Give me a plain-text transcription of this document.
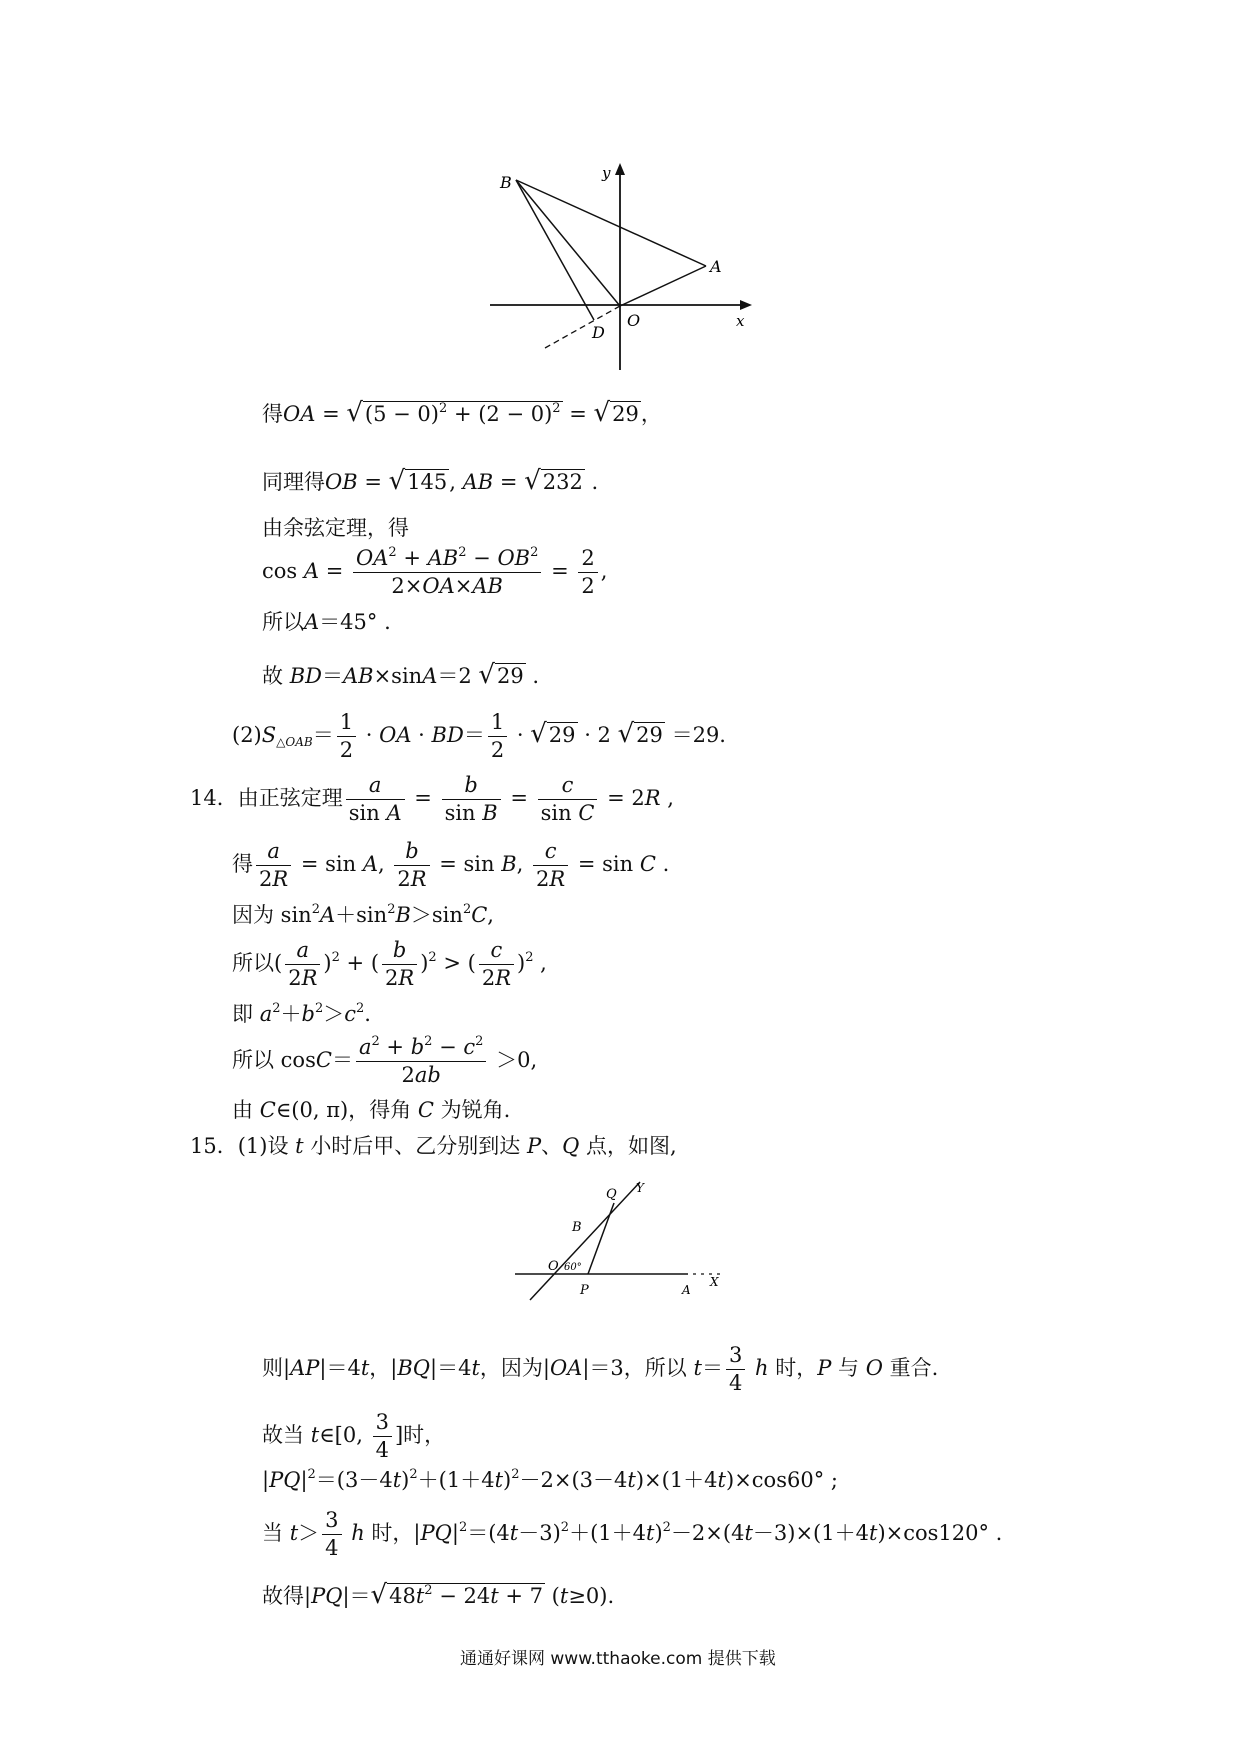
y
B
A
O	x
D
得OA = $√(5 - 0)^2 + (2 - 0)^2 = √29$，
同理得OB = √145, AB = √232 .
由余弦定理，得
$\cos A = \frac{OA^2 + AB^2 - OB^2}{2\times OA\times AB} = \frac{2}{2}$ ,
所以A＝45° .
故 BD＝AB×sinA＝2 √29 .
$(2)S_{\triangle OAB}= \frac{1}{2}$ · OA · $BD= \frac{1}{2} \cdot √29 \cdot 2$ √29 ＝29.
14．由正弦定理 $\frac{a}{\text{sin A}} = \frac{b}{\text{sin B}} = \frac{c}{\text{sin C}} = 2R$ ,
得 $\frac{a}{2R} = \sin A$, $\frac{b}{2R} = \sin B$, $\frac{c}{2R} = \sin C$ .
因为 $\sin^2A+\sin^2B>\sin^2C$,
所以( $\frac{a}{2R} )^2$ + ( $\frac{b}{2R} )^2$ > ( $\frac{c}{2R} )^2$ ,
即 $a^2+b^2>c^2$.
所以 $\cos C= \frac{a^2 + b^2 - c^2}{2ab} >0$,
由 C∈(0, π)，得角 C 为锐角.
15．(1)设 t 小时后甲、乙分别到达 P、Q 点，如图,
Q Y
B
O 60°
P	A
X
则|AP|＝4t，|BQ|＝4t，因为|OA|＝3，所以 $t= \frac{3}{4}$ h 时，P 与 O 重合.
故当 t∈[0, $\frac{3}{4}$ ]时，
$|PQ|^2=(3-4t)^2+(1+4t)^2-2\times(3-4t)\times(1+4t)\times\cos 60^\circ$ ;
当 $t> \frac{3}{4}$ h 时，$|PQ|^2=(4t-3)^2+(1+4t)^2-2\times(4t-3)\times(1+4t)\times\cos 120^\circ$ .
故得$|PQ|=√48t^2 - 24t + 7$ (t≥0).
通通好课网 www.tthaoke.com 提供下载
